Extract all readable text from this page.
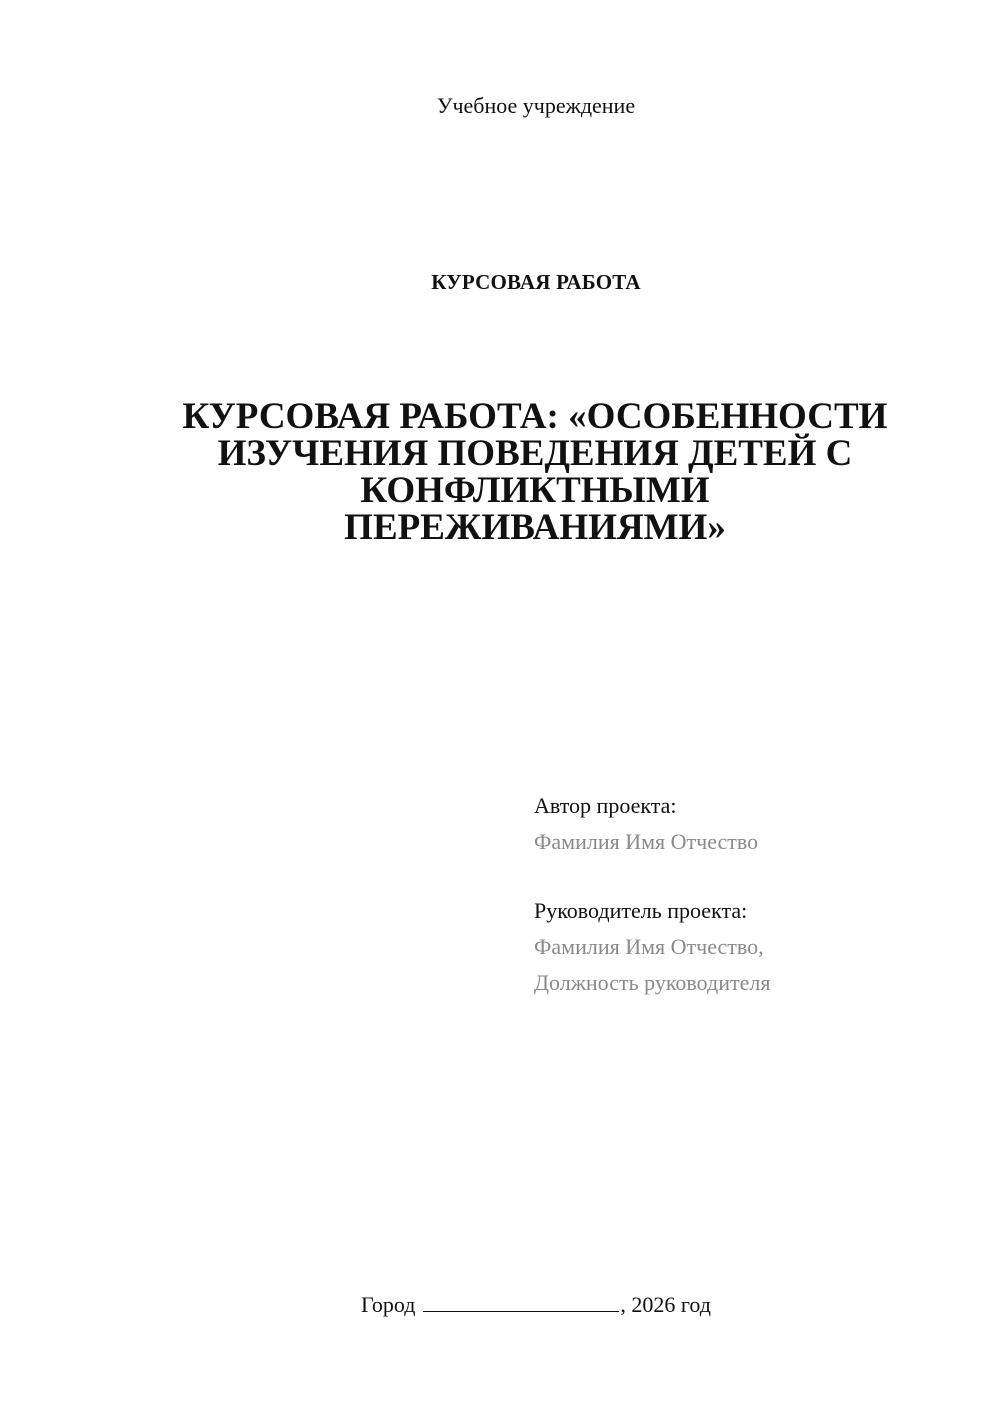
Учебное учреждение
КУРСОВАЯ РАБОТА
КУРСОВАЯ РАБОТА: «ОСОБЕННОСТИ
ИЗУЧЕНИЯ ПОВЕДЕНИЯ ДЕТЕЙ С
КОНФЛИКТНЫМИ
ПЕРЕЖИВАНИЯМИ»
Автор проекта:
Фамилия Имя Отчество
Руководитель проекта:
Фамилия Имя Отчество,
Должность руководителя
Город	, 2026 год
